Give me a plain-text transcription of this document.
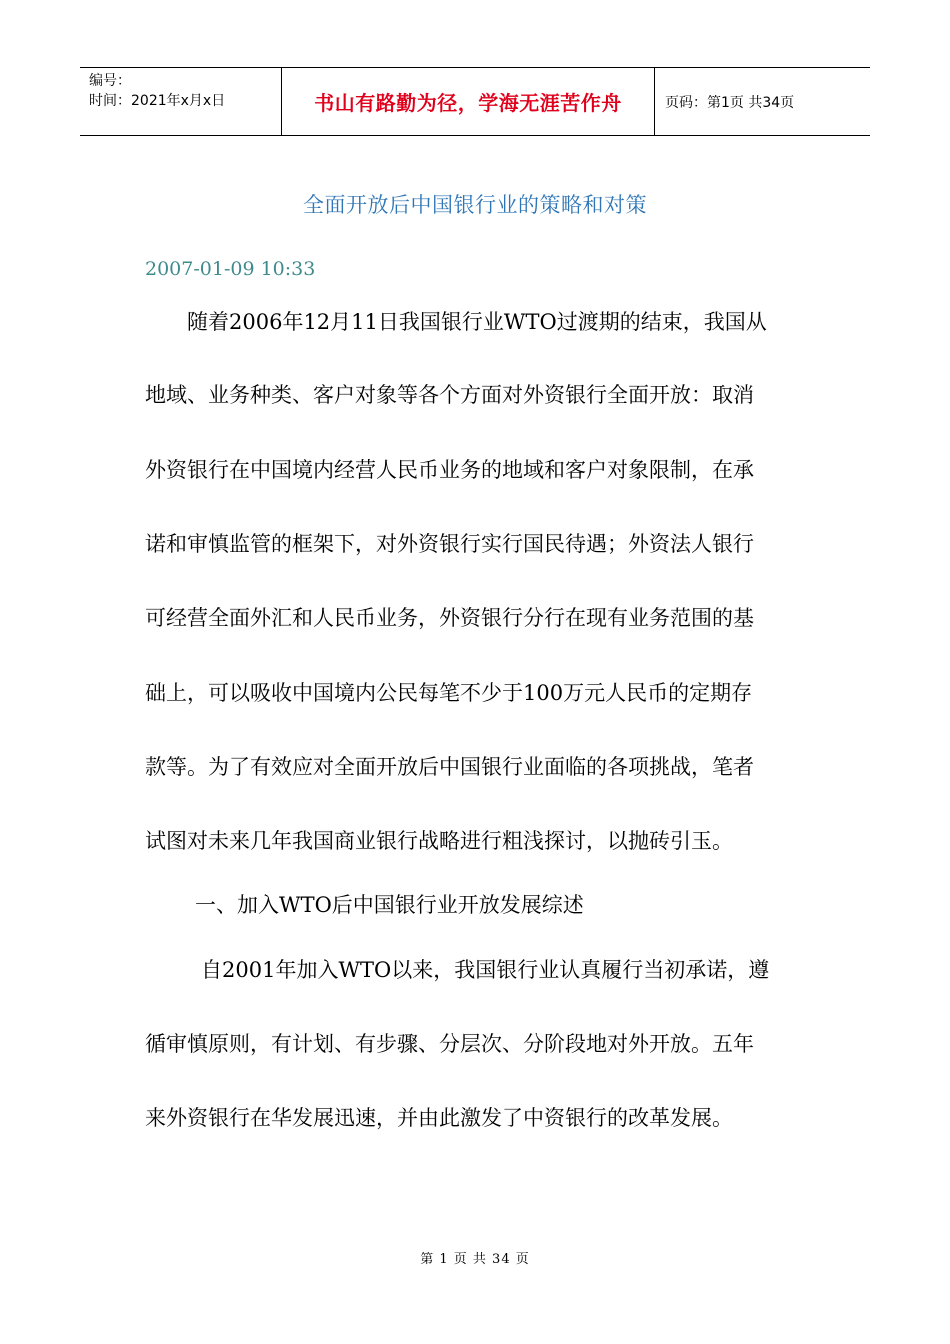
编号：
时间：2021年x月x日	书山有路勤为径，学海无涯苦作舟	页码：第1页 共34页
全面开放后中国银行业的策略和对策
2007-01-09 10:33
随着2006年12月11日我国银行业WTO过渡期的结束，我国从
地域、业务种类、客户对象等各个方面对外资银行全面开放：取消
外资银行在中国境内经营人民币业务的地域和客户对象限制，在承
诺和审慎监管的框架下，对外资银行实行国民待遇；外资法人银行
可经营全面外汇和人民币业务，外资银行分行在现有业务范围的基
础上，可以吸收中国境内公民每笔不少于100万元人民币的定期存
款等。为了有效应对全面开放后中国银行业面临的各项挑战，笔者
试图对未来几年我国商业银行战略进行粗浅探讨，以抛砖引玉。
一、加入WTO后中国银行业开放发展综述
自2001年加入WTO以来，我国银行业认真履行当初承诺，遵
循审慎原则，有计划、有步骤、分层次、分阶段地对外开放。五年
来外资银行在华发展迅速，并由此激发了中资银行的改革发展。
第 1 页 共 34 页
